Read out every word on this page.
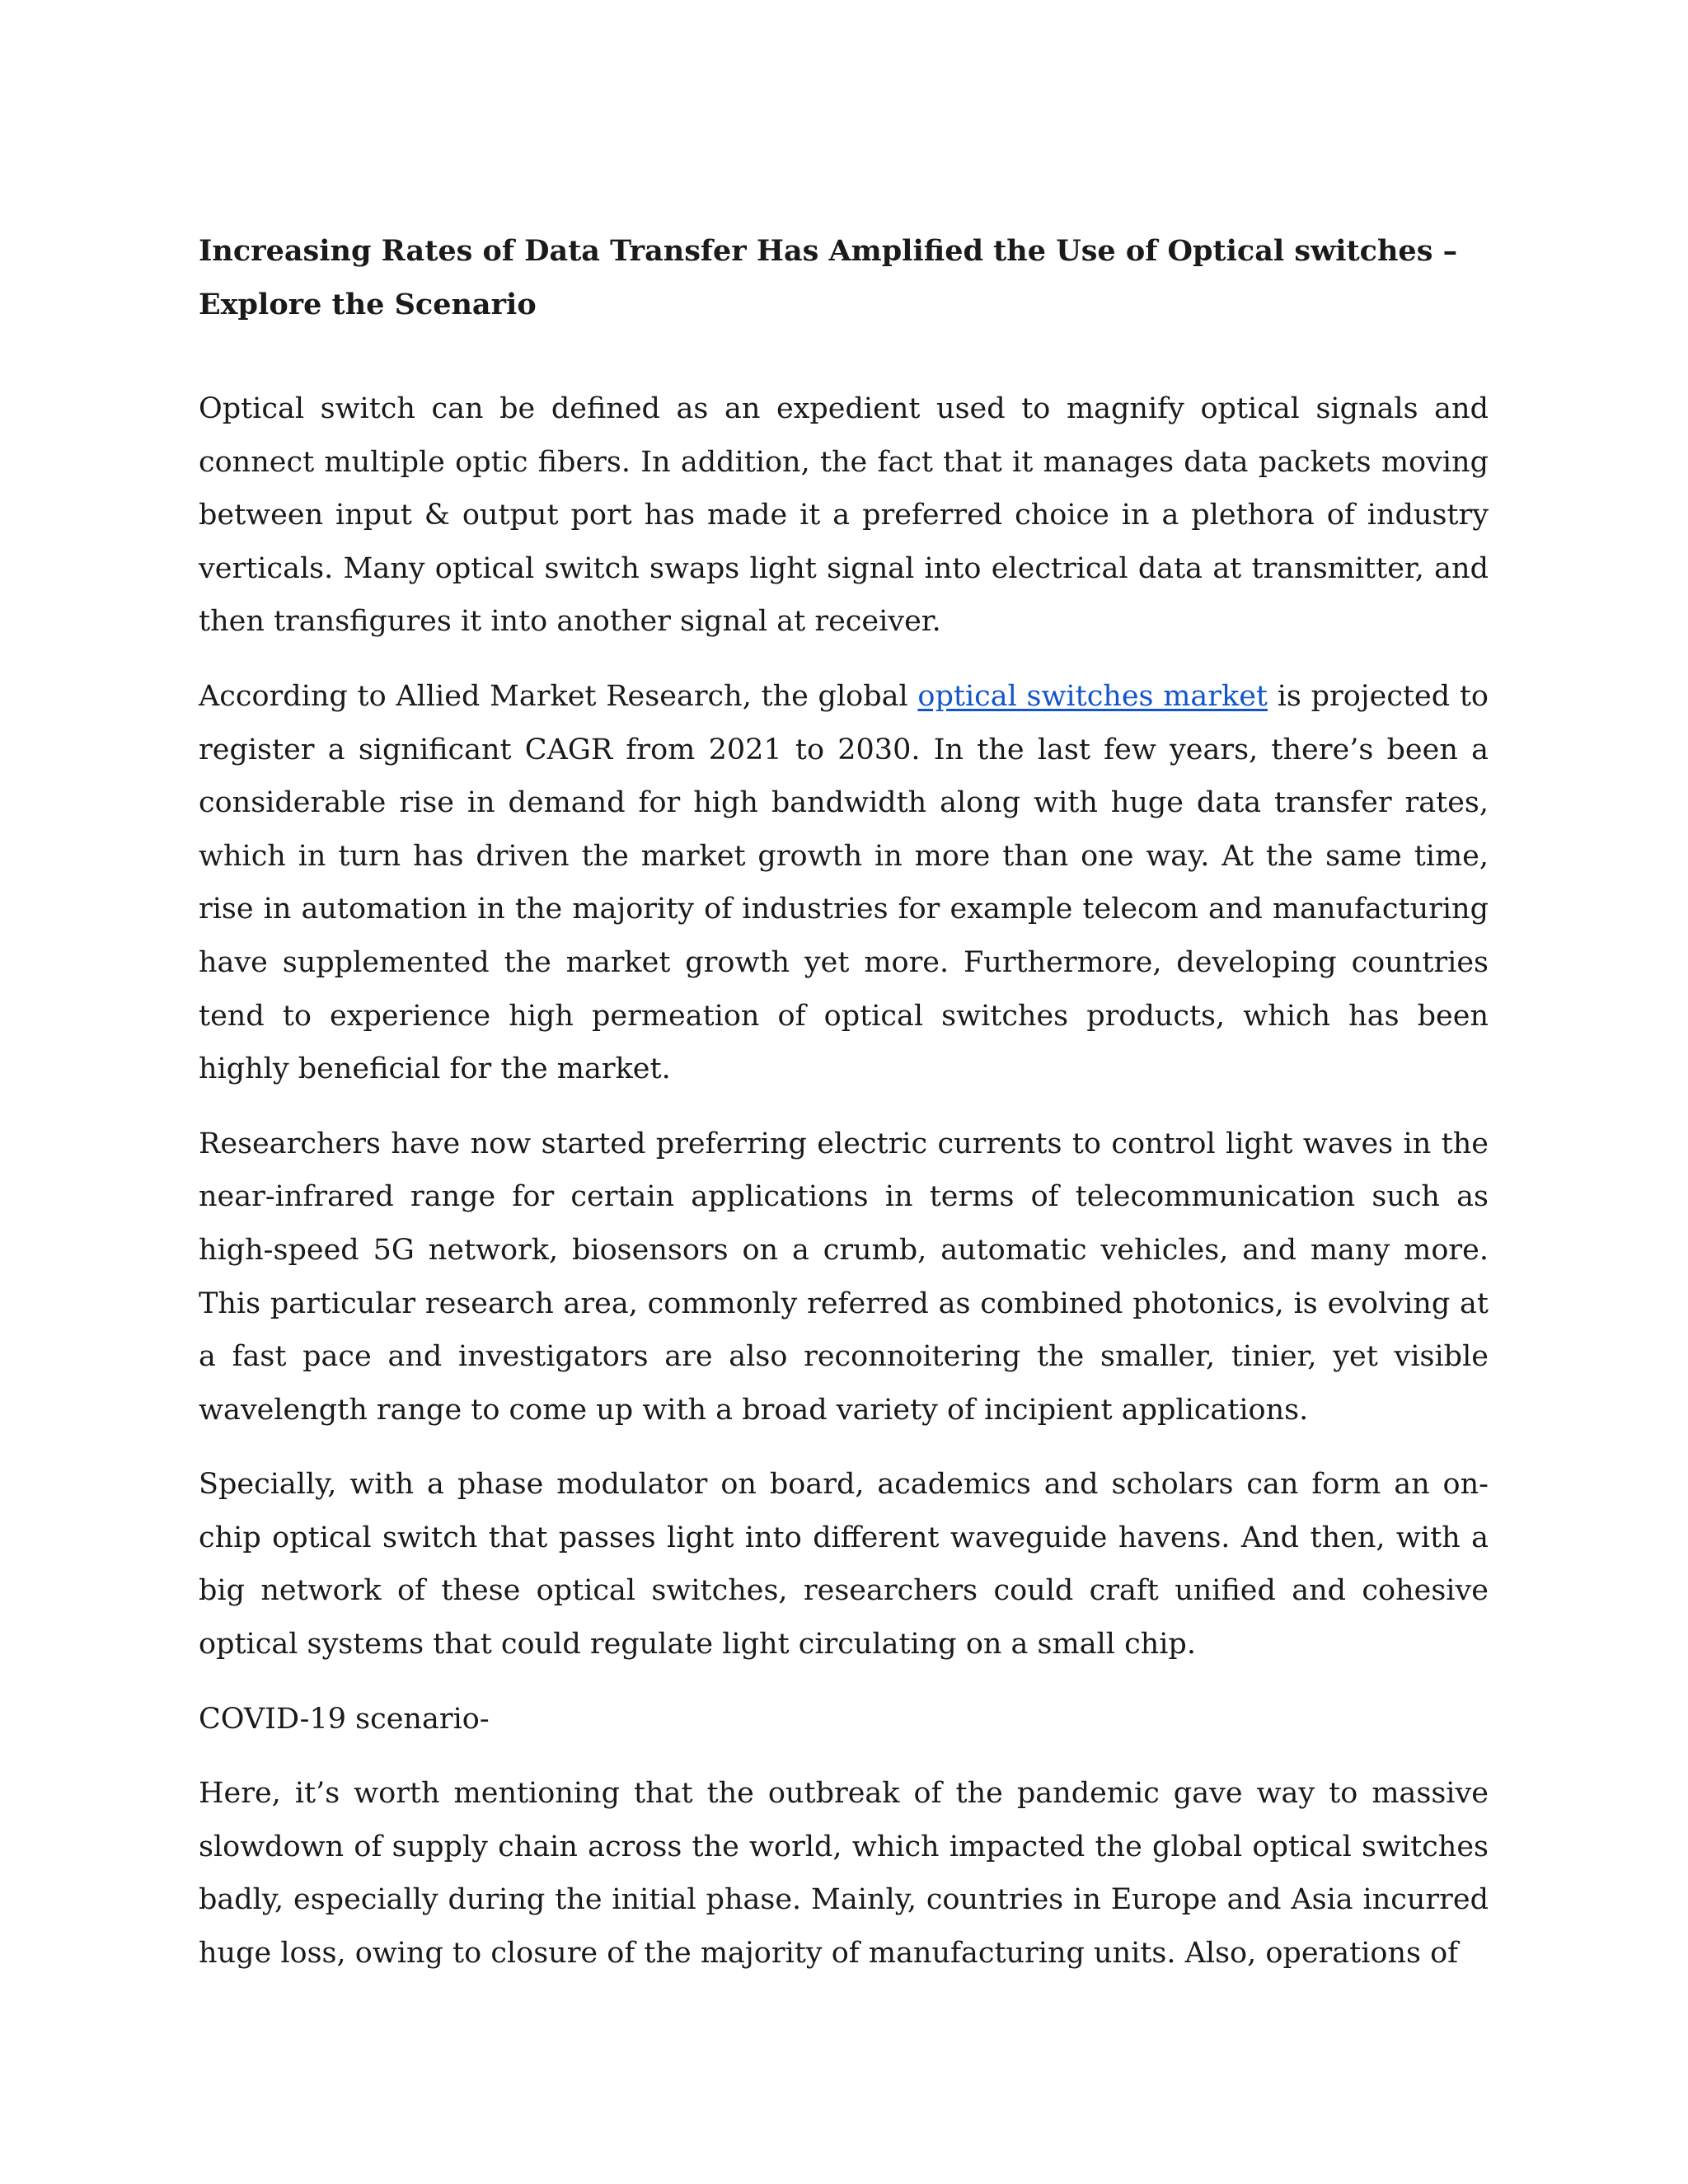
Increasing Rates of Data Transfer Has Amplified the Use of Optical switches – Explore the Scenario

Optical switch can be defined as an expedient used to magnify optical signals and connect multiple optic fibers. In addition, the fact that it manages data packets moving between input & output port has made it a preferred choice in a plethora of industry verticals. Many optical switch swaps light signal into electrical data at transmitter, and then transfigures it into another signal at receiver.

According to Allied Market Research, the global optical switches market is projected to register a significant CAGR from 2021 to 2030. In the last few years, there’s been a considerable rise in demand for high bandwidth along with huge data transfer rates, which in turn has driven the market growth in more than one way. At the same time, rise in automation in the majority of industries for example telecom and manufacturing have supplemented the market growth yet more. Furthermore, developing countries tend to experience high permeation of optical switches products, which has been highly beneficial for the market.

Researchers have now started preferring electric currents to control light waves in the near-infrared range for certain applications in terms of telecommunication such as high-speed 5G network, biosensors on a crumb, automatic vehicles, and many more. This particular research area, commonly referred as combined photonics, is evolving at a fast pace and investigators are also reconnoitering the smaller, tinier, yet visible wavelength range to come up with a broad variety of incipient applications.

Specially, with a phase modulator on board, academics and scholars can form an on-chip optical switch that passes light into different waveguide havens. And then, with a big network of these optical switches, researchers could craft unified and cohesive optical systems that could regulate light circulating on a small chip.

COVID-19 scenario-

Here, it’s worth mentioning that the outbreak of the pandemic gave way to massive slowdown of supply chain across the world, which impacted the global optical switches badly, especially during the initial phase. Mainly, countries in Europe and Asia incurred huge loss, owing to closure of the majority of manufacturing units. Also, operations of
